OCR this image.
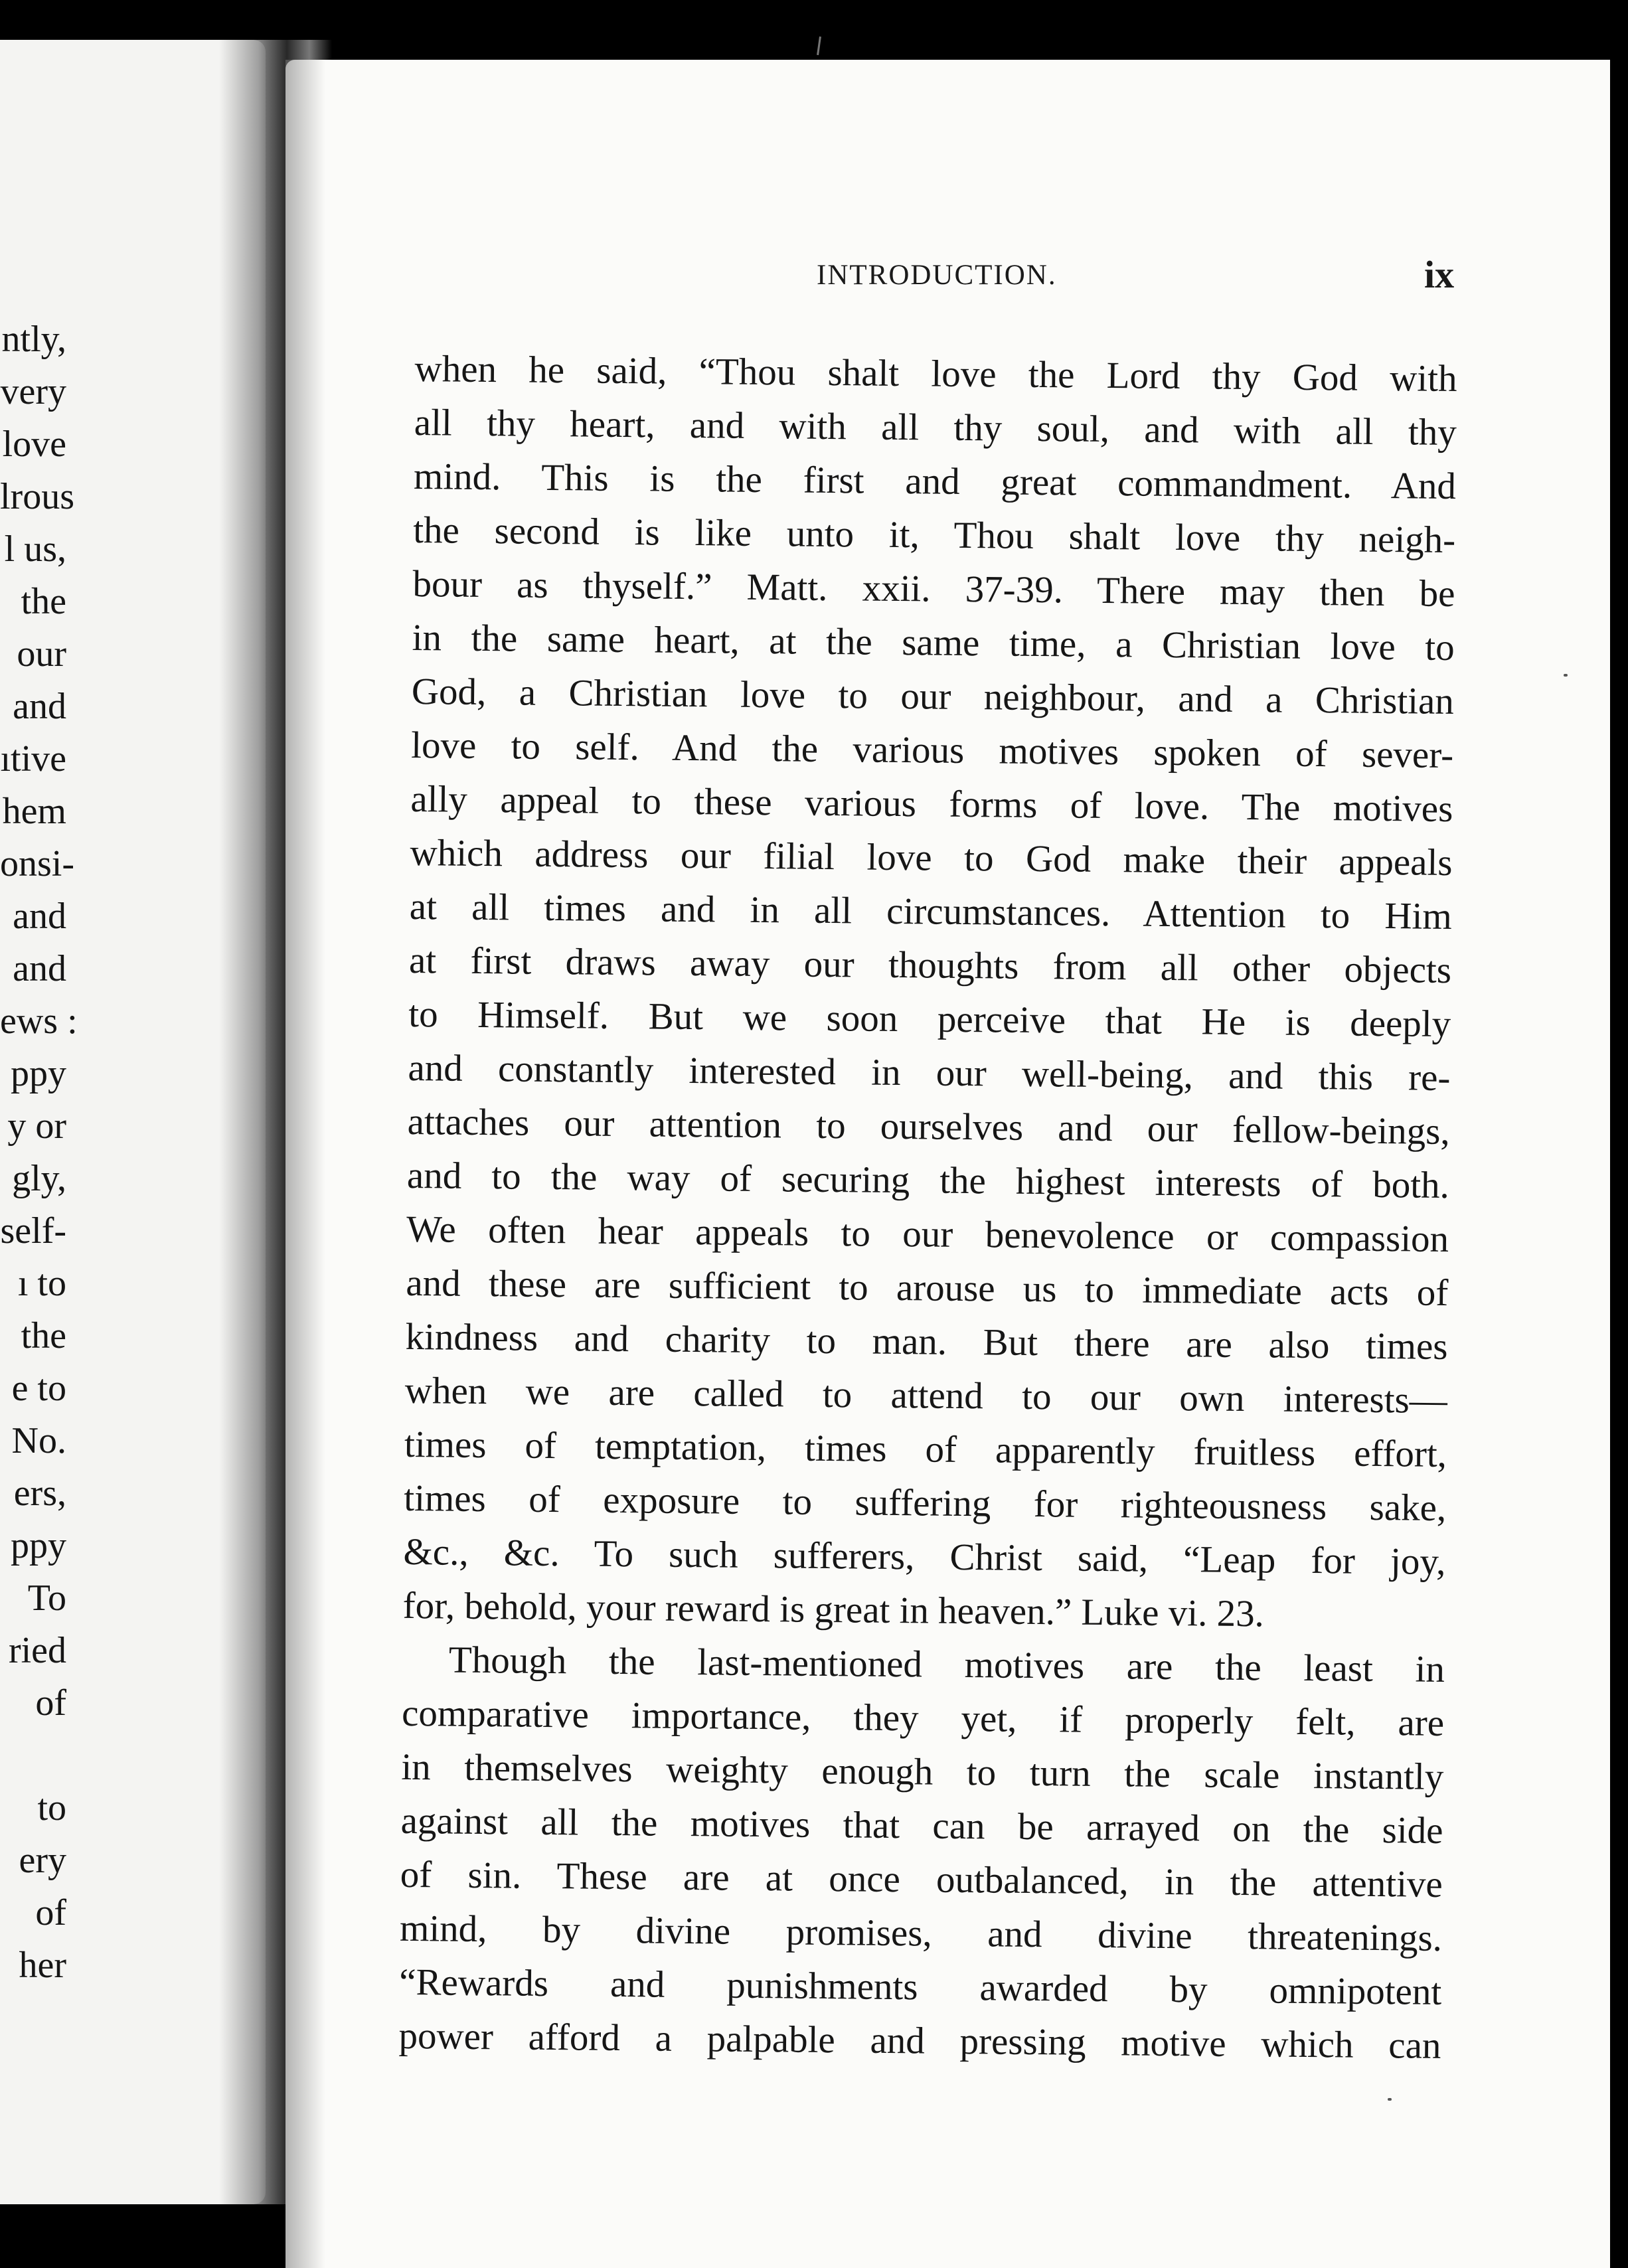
ntly,
very
love
lrous
l us,
the
our
and
ıtive
hem
onsi-
and
and
ews :
ppy
y or
gly,
self-
ı to
the
e to
No.
ers,
ppy
To
ried
of
to
ery
of
her
INTRODUCTION.	ix
when he said, “Thou shalt love the Lord thy God with
all thy heart, and with all thy soul, and with all thy
mind. This is the first and great commandment. And
the second is like unto it, Thou shalt love thy neigh-
bour as thyself.” Matt. xxii. 37-39. There may then be
in the same heart, at the same time, a Christian love to
God, a Christian love to our neighbour, and a Christian
love to self. And the various motives spoken of sever-
ally appeal to these various forms of love. The motives
which address our filial love to God make their appeals
at all times and in all circumstances. Attention to Him
at first draws away our thoughts from all other objects
to Himself. But we soon perceive that He is deeply
and constantly interested in our well-being, and this re-
attaches our attention to ourselves and our fellow-beings,
and to the way of securing the highest interests of both.
We often hear appeals to our benevolence or compassion
and these are sufficient to arouse us to immediate acts of
kindness and charity to man. But there are also times
when we are called to attend to our own interests—
times of temptation, times of apparently fruitless effort,
times of exposure to suffering for righteousness sake,
&c., &c. To such sufferers, Christ said, “Leap for joy,
for, behold, your reward is great in heaven.” Luke vi. 23.
Though the last-mentioned motives are the least in
comparative importance, they yet, if properly felt, are
in themselves weighty enough to turn the scale instantly
against all the motives that can be arrayed on the side
of sin. These are at once outbalanced, in the attentive
mind, by divine promises, and divine threatenings.
“Rewards and punishments awarded by omnipotent
power afford a palpable and pressing motive which can
